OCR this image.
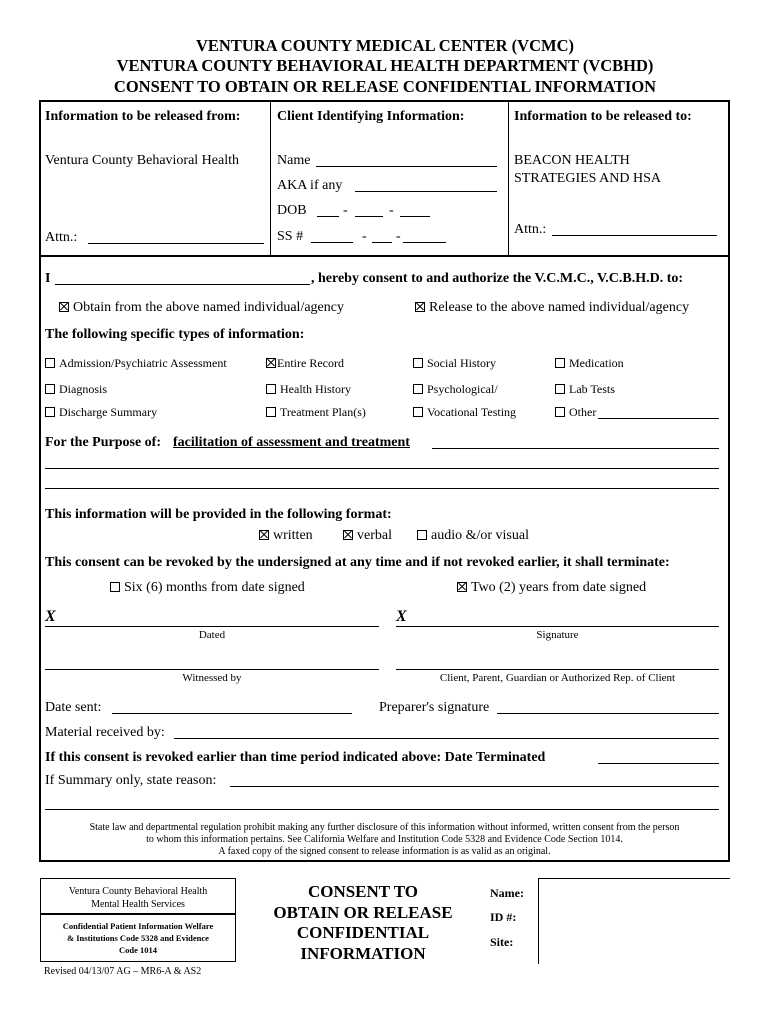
VENTURA COUNTY MEDICAL CENTER (VCMC)
VENTURA COUNTY BEHAVIORAL HEALTH DEPARTMENT (VCBHD)
CONSENT TO OBTAIN OR RELEASE CONFIDENTIAL INFORMATION
Information to be released from:
Ventura County Behavioral Health
Attn.:
Client Identifying Information:
Name
AKA if any
DOB	-	-
SS #	- -
Information to be released to:
BEACON HEALTH
STRATEGIES AND HSA
Attn.:
I	, hereby consent to and authorize the V.C.M.C., V.C.B.H.D. to:
Obtain from the above named individual/agency	Release to the above named individual/agency
The following specific types of information:
Admission/Psychiatric Assessment	Entire Record	Social History	Medication
Diagnosis	Health History	Psychological/	Lab Tests
Discharge Summary	Treatment Plan(s)	Vocational Testing	Other
For the Purpose of: facilitation of assessment and treatment
This information will be provided in the following format:
written	verbal	audio &/or visual
This consent can be revoked by the undersigned at any time and if not revoked earlier, it shall terminate:
Six (6) months from date signed	Two (2) years from date signed
X
Dated
X
Signature
Witnessed by	Client, Parent, Guardian or Authorized Rep. of Client
Date sent:	Preparer's signature
Material received by:
If this consent is revoked earlier than time period indicated above: Date Terminated
If Summary only, state reason:
State law and departmental regulation prohibit making any further disclosure of this information without informed, written consent from the person
to whom this information pertains. See California Welfare and Institution Code 5328 and Evidence Code Section 1014.
A faxed copy of the signed consent to release information is as valid as an original.
Ventura County Behavioral Health
Mental Health Services
Confidential Patient Information Welfare
& Institutions Code 5328 and Evidence
Code 1014
Revised 04/13/07 AG – MR6-A & AS2
CONSENT TO
OBTAIN OR RELEASE
CONFIDENTIAL
INFORMATION
Name:
ID #:
Site:
